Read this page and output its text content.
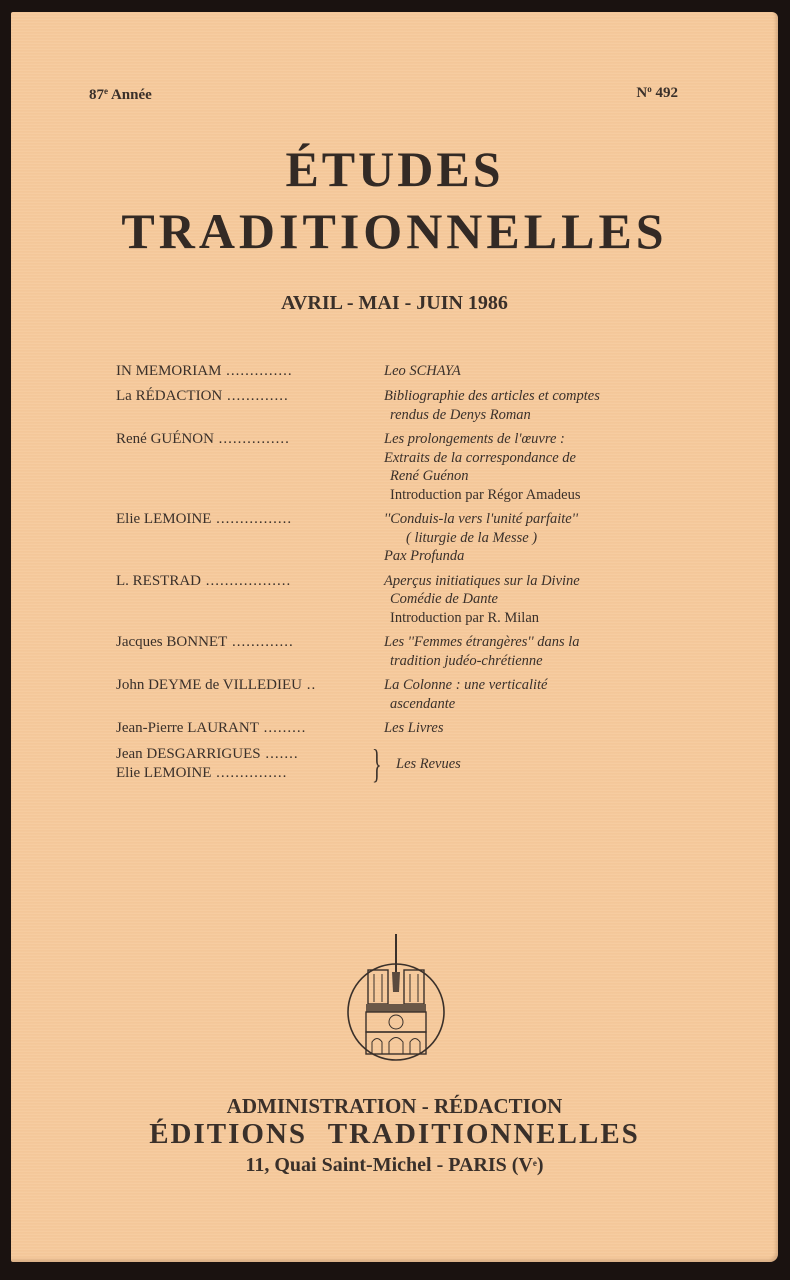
87e Année	$N^o$ 492
ÉTUDES
TRADITIONNELLES
AVRIL - MAI - JUIN 1986
IN MEMORIAM ..............	Leo SCHAYA
La RÉDACTION .............	Bibliographie des articles et comptes
rendus de Denys Roman
René GUÉNON ...............	Les prolongements de l'œuvre :
Extraits de la correspondance de
René Guénon
Introduction par Régor Amadeus
Elie LEMOINE ................	''Conduis-la vers l'unité parfaite''
( liturgie de la Messe )
Pax Profunda
L. RESTRAD ..................	Aperçus initiatiques sur la Divine
Comédie de Dante
Introduction par R. Milan
Jacques BONNET .............	Les ''Femmes étrangères'' dans la
tradition judéo-chrétienne
John DEYME de VILLEDIEU ..	La Colonne : une verticalité
ascendante
Jean-Pierre LAURANT .........	Les Livres
Jean DESGARRIGUES .......
Elie LEMOINE ...............	} Les Revues
ADMINISTRATION - RÉDACTION
ÉDITIONS TRADITIONNELLES
11, Quai Saint-Michel - PARIS (Ve)
